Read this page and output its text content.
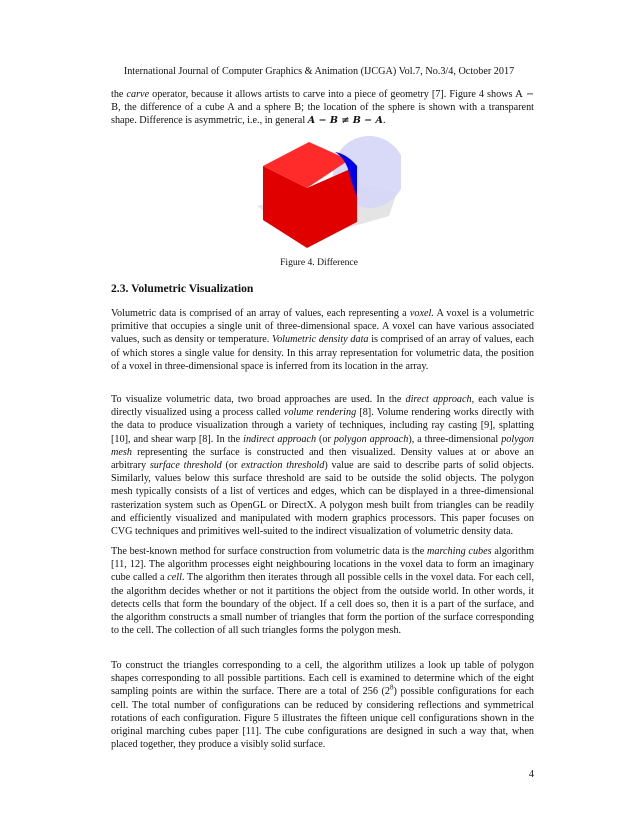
International Journal of Computer Graphics & Animation (IJCGA) Vol.7, No.3/4, October 2017

the carve operator, because it allows artists to carve into a piece of geometry [7]. Figure 4 shows A − B, the difference of a cube A and a sphere B; the location of the sphere is shown with a transparent shape. Difference is asymmetric, i.e., in general A − B ≠ B − A.

Figure 4. Difference
2.3. Volumetric Visualization

Volumetric data is comprised of an array of values, each representing a voxel. A voxel is a volumetric primitive that occupies a single unit of three-dimensional space. A voxel can have various associated values, such as density or temperature. Volumetric density data is comprised of an array of values, each of which stores a single value for density. In this array representation for volumetric data, the position of a voxel in three-dimensional space is inferred from its location in the array.

To visualize volumetric data, two broad approaches are used. In the direct approach, each value is directly visualized using a process called volume rendering [8]. Volume rendering works directly with the data to produce visualization through a variety of techniques, including ray casting [9], splatting [10], and shear warp [8]. In the indirect approach (or polygon approach), a three-dimensional polygon mesh representing the surface is constructed and then visualized. Density values at or above an arbitrary surface threshold (or extraction threshold) value are said to describe parts of solid objects. Similarly, values below this surface threshold are said to be outside the solid objects. The polygon mesh typically consists of a list of vertices and edges, which can be displayed in a three-dimensional rasterization system such as OpenGL or DirectX. A polygon mesh built from triangles can be readily and efficiently visualized and manipulated with modern graphics processors. This paper focuses on CVG techniques and primitives well-suited to the indirect visualization of volumetric density data.

The best-known method for surface construction from volumetric data is the marching cubes algorithm [11, 12]. The algorithm processes eight neighbouring locations in the voxel data to form an imaginary cube called a cell. The algorithm then iterates through all possible cells in the voxel data. For each cell, the algorithm decides whether or not it partitions the object from the outside world. In other words, it detects cells that form the boundary of the object. If a cell does so, then it is a part of the surface, and the algorithm constructs a small number of triangles that form the portion of the surface corresponding to the cell. The collection of all such triangles forms the polygon mesh.

To construct the triangles corresponding to a cell, the algorithm utilizes a look up table of polygon shapes corresponding to all possible partitions. Each cell is examined to determine which of the eight sampling points are within the surface. There are a total of 256 $(2^8)$ possible configurations for each cell. The total number of configurations can be reduced by considering reflections and symmetrical rotations of each configuration. Figure 5 illustrates the fifteen unique cell configurations shown in the original marching cubes paper [11]. The cube configurations are designed in such a way that, when placed together, they produce a visibly solid surface.

4
